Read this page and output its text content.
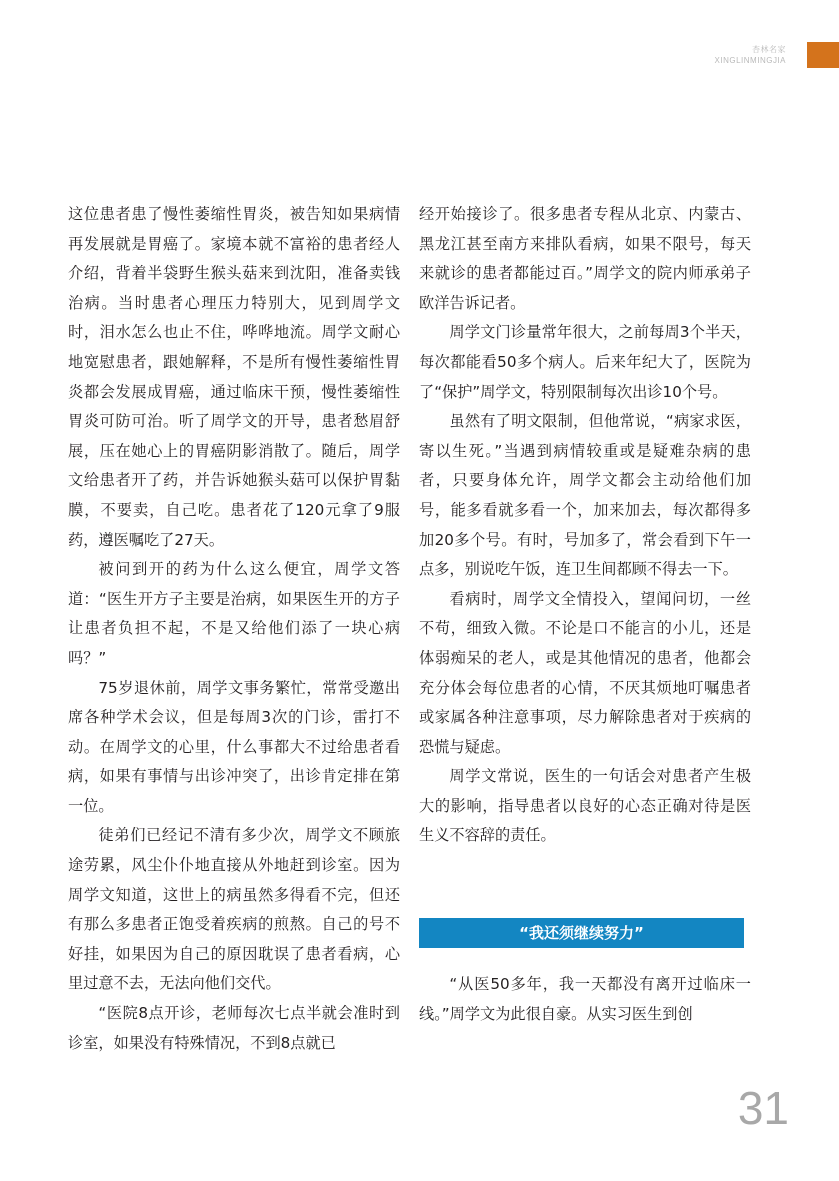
杏林名家
XINGLINMINGJIA

这位患者患了慢性萎缩性胃炎，被告知如果病情再发展就是胃癌了。家境本就不富裕的患者经人介绍，背着半袋野生猴头菇来到沈阳，准备卖钱治病。当时患者心理压力特别大，见到周学文时，泪水怎么也止不住，哗哗地流。周学文耐心地宽慰患者，跟她解释，不是所有慢性萎缩性胃炎都会发展成胃癌，通过临床干预，慢性萎缩性胃炎可防可治。听了周学文的开导，患者愁眉舒展，压在她心上的胃癌阴影消散了。随后，周学文给患者开了药，并告诉她猴头菇可以保护胃黏膜，不要卖，自己吃。患者花了120元拿了9服药，遵医嘱吃了27天。

被问到开的药为什么这么便宜，周学文答道：“医生开方子主要是治病，如果医生开的方子让患者负担不起，不是又给他们添了一块心病吗？”

75岁退休前，周学文事务繁忙，常常受邀出席各种学术会议，但是每周3次的门诊，雷打不动。在周学文的心里，什么事都大不过给患者看病，如果有事情与出诊冲突了，出诊肯定排在第一位。

徒弟们已经记不清有多少次，周学文不顾旅途劳累，风尘仆仆地直接从外地赶到诊室。因为周学文知道，这世上的病虽然多得看不完，但还有那么多患者正饱受着疾病的煎熬。自己的号不好挂，如果因为自己的原因耽误了患者看病，心里过意不去，无法向他们交代。

“医院8点开诊，老师每次七点半就会准时到诊室，如果没有特殊情况，不到8点就已

经开始接诊了。很多患者专程从北京、内蒙古、黑龙江甚至南方来排队看病，如果不限号，每天来就诊的患者都能过百。”周学文的院内师承弟子欧洋告诉记者。

周学文门诊量常年很大，之前每周3个半天，每次都能看50多个病人。后来年纪大了，医院为了“保护”周学文，特别限制每次出诊10个号。

虽然有了明文限制，但他常说，“病家求医，寄以生死。”当遇到病情较重或是疑难杂病的患者，只要身体允许，周学文都会主动给他们加号，能多看就多看一个，加来加去，每次都得多加20多个号。有时，号加多了，常会看到下午一点多，别说吃午饭，连卫生间都顾不得去一下。

看病时，周学文全情投入，望闻问切，一丝不苟，细致入微。不论是口不能言的小儿，还是体弱痴呆的老人，或是其他情况的患者，他都会充分体会每位患者的心情，不厌其烦地叮嘱患者或家属各种注意事项，尽力解除患者对于疾病的恐慌与疑虑。

周学文常说，医生的一句话会对患者产生极大的影响，指导患者以良好的心态正确对待是医生义不容辞的责任。

“我还须继续努力”

“从医50多年，我一天都没有离开过临床一线。”周学文为此很自豪。从实习医生到创

31
